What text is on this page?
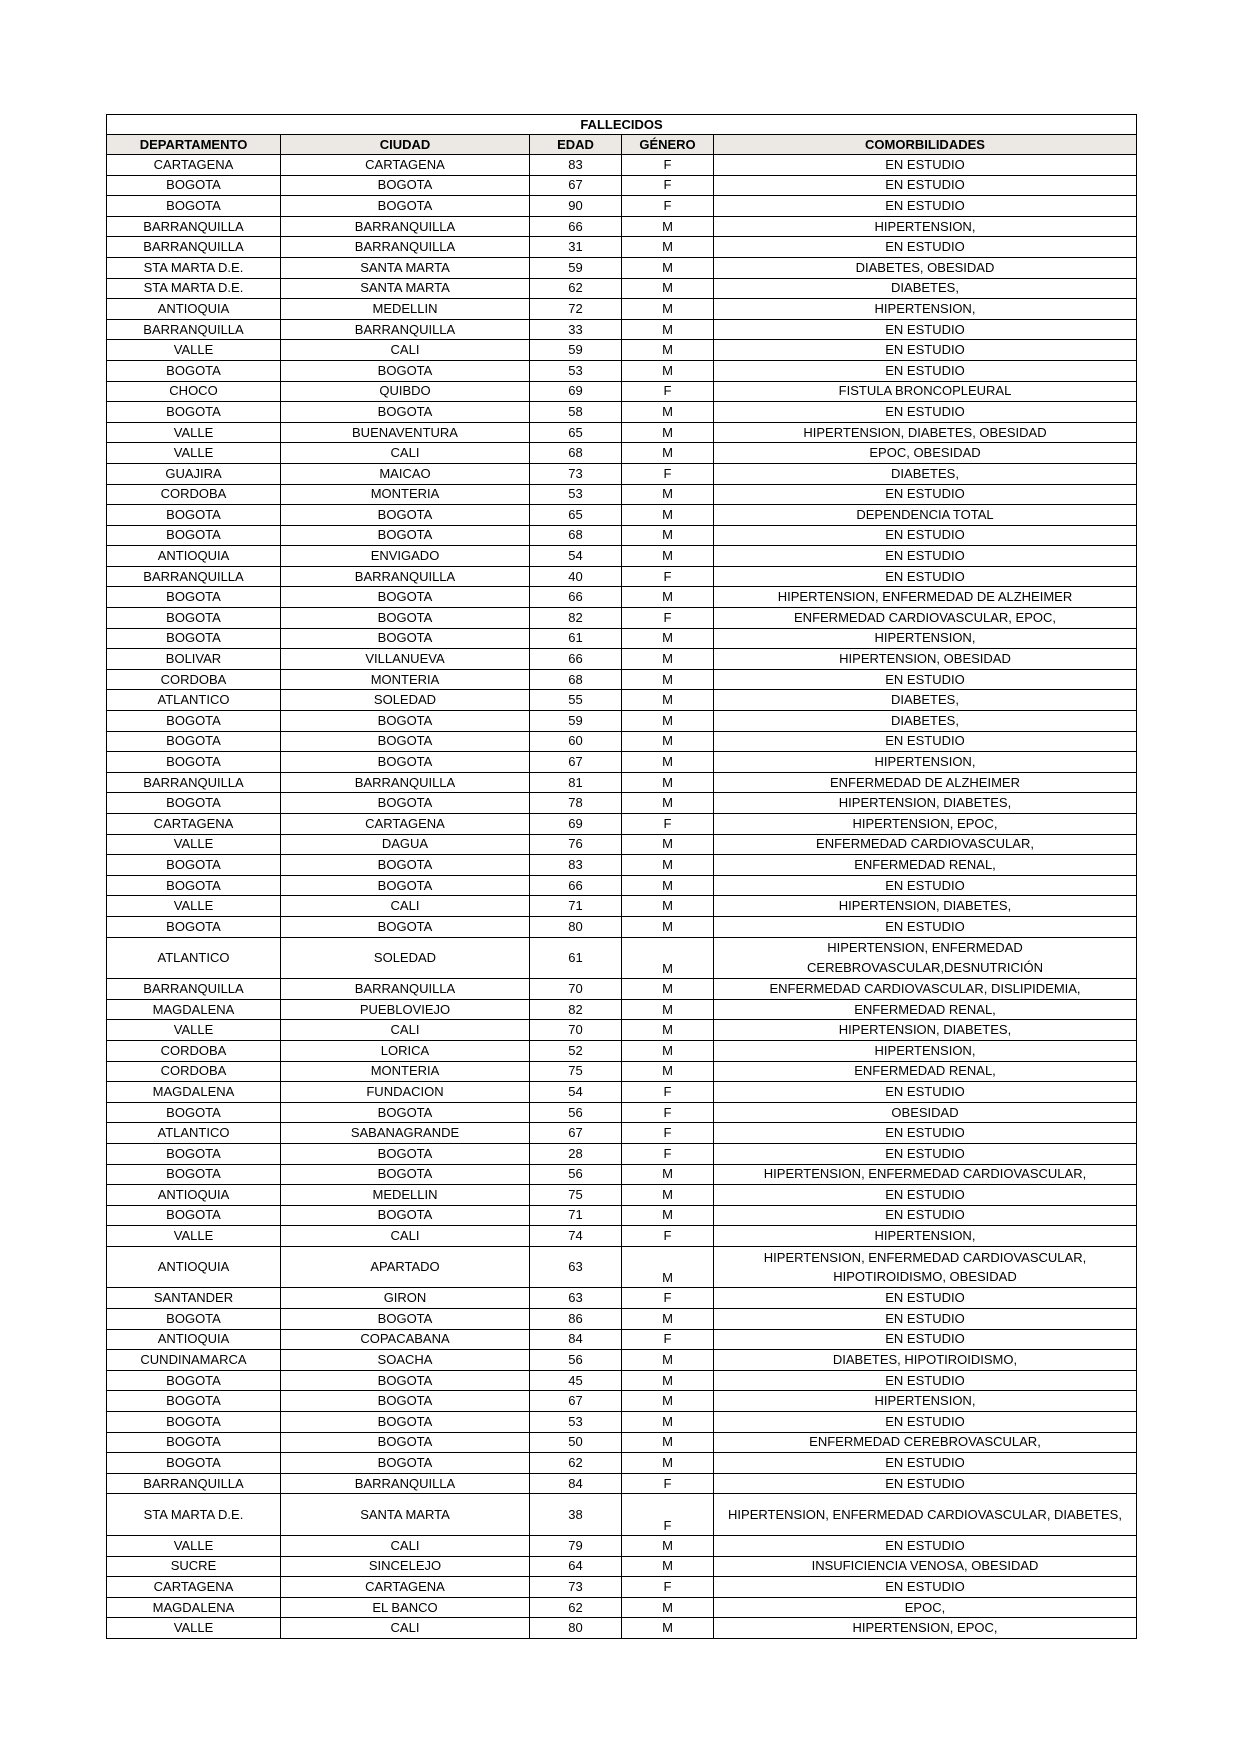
FALLECIDOS				
DEPARTAMENTO	CIUDAD	EDAD	GÉNERO	COMORBILIDADES
CARTAGENA	CARTAGENA	83	F	EN ESTUDIO
BOGOTA	BOGOTA	67	F	EN ESTUDIO
BOGOTA	BOGOTA	90	F	EN ESTUDIO
BARRANQUILLA	BARRANQUILLA	66	M	HIPERTENSION,
BARRANQUILLA	BARRANQUILLA	31	M	EN ESTUDIO
STA MARTA D.E.	SANTA MARTA	59	M	DIABETES, OBESIDAD
STA MARTA D.E.	SANTA MARTA	62	M	DIABETES,
ANTIOQUIA	MEDELLIN	72	M	HIPERTENSION,
BARRANQUILLA	BARRANQUILLA	33	M	EN ESTUDIO
VALLE	CALI	59	M	EN ESTUDIO
BOGOTA	BOGOTA	53	M	EN ESTUDIO
CHOCO	QUIBDO	69	F	FISTULA BRONCOPLEURAL
BOGOTA	BOGOTA	58	M	EN ESTUDIO
VALLE	BUENAVENTURA	65	M	HIPERTENSION, DIABETES, OBESIDAD
VALLE	CALI	68	M	EPOC, OBESIDAD
GUAJIRA	MAICAO	73	F	DIABETES,
CORDOBA	MONTERIA	53	M	EN ESTUDIO
BOGOTA	BOGOTA	65	M	DEPENDENCIA TOTAL
BOGOTA	BOGOTA	68	M	EN ESTUDIO
ANTIOQUIA	ENVIGADO	54	M	EN ESTUDIO
BARRANQUILLA	BARRANQUILLA	40	F	EN ESTUDIO
BOGOTA	BOGOTA	66	M	HIPERTENSION, ENFERMEDAD DE ALZHEIMER
BOGOTA	BOGOTA	82	F	ENFERMEDAD CARDIOVASCULAR, EPOC,
BOGOTA	BOGOTA	61	M	HIPERTENSION,
BOLIVAR	VILLANUEVA	66	M	HIPERTENSION, OBESIDAD
CORDOBA	MONTERIA	68	M	EN ESTUDIO
ATLANTICO	SOLEDAD	55	M	DIABETES,
BOGOTA	BOGOTA	59	M	DIABETES,
BOGOTA	BOGOTA	60	M	EN ESTUDIO
BOGOTA	BOGOTA	67	M	HIPERTENSION,
BARRANQUILLA	BARRANQUILLA	81	M	ENFERMEDAD DE ALZHEIMER
BOGOTA	BOGOTA	78	M	HIPERTENSION, DIABETES,
CARTAGENA	CARTAGENA	69	F	HIPERTENSION, EPOC,
VALLE	DAGUA	76	M	ENFERMEDAD CARDIOVASCULAR,
BOGOTA	BOGOTA	83	M	ENFERMEDAD RENAL,
BOGOTA	BOGOTA	66	M	EN ESTUDIO
VALLE	CALI	71	M	HIPERTENSION, DIABETES,
BOGOTA	BOGOTA	80	M	EN ESTUDIO
ATLANTICO	SOLEDAD	61	M	HIPERTENSION, ENFERMEDAD CEREBROVASCULAR,DESNUTRICIÓN
BARRANQUILLA	BARRANQUILLA	70	M	ENFERMEDAD CARDIOVASCULAR, DISLIPIDEMIA,
MAGDALENA	PUEBLOVIEJO	82	M	ENFERMEDAD RENAL,
VALLE	CALI	70	M	HIPERTENSION, DIABETES,
CORDOBA	LORICA	52	M	HIPERTENSION,
CORDOBA	MONTERIA	75	M	ENFERMEDAD RENAL,
MAGDALENA	FUNDACION	54	F	EN ESTUDIO
BOGOTA	BOGOTA	56	F	OBESIDAD
ATLANTICO	SABANAGRANDE	67	F	EN ESTUDIO
BOGOTA	BOGOTA	28	F	EN ESTUDIO
BOGOTA	BOGOTA	56	M	HIPERTENSION, ENFERMEDAD CARDIOVASCULAR,
ANTIOQUIA	MEDELLIN	75	M	EN ESTUDIO
BOGOTA	BOGOTA	71	M	EN ESTUDIO
VALLE	CALI	74	F	HIPERTENSION,
ANTIOQUIA	APARTADO	63	M	HIPERTENSION, ENFERMEDAD CARDIOVASCULAR, HIPOTIROIDISMO, OBESIDAD
SANTANDER	GIRON	63	F	EN ESTUDIO
BOGOTA	BOGOTA	86	M	EN ESTUDIO
ANTIOQUIA	COPACABANA	84	F	EN ESTUDIO
CUNDINAMARCA	SOACHA	56	M	DIABETES, HIPOTIROIDISMO,
BOGOTA	BOGOTA	45	M	EN ESTUDIO
BOGOTA	BOGOTA	67	M	HIPERTENSION,
BOGOTA	BOGOTA	53	M	EN ESTUDIO
BOGOTA	BOGOTA	50	M	ENFERMEDAD CEREBROVASCULAR,
BOGOTA	BOGOTA	62	M	EN ESTUDIO
BARRANQUILLA	BARRANQUILLA	84	F	EN ESTUDIO
STA MARTA D.E.	SANTA MARTA	38	F	HIPERTENSION, ENFERMEDAD CARDIOVASCULAR, DIABETES,
VALLE	CALI	79	M	EN ESTUDIO
SUCRE	SINCELEJO	64	M	INSUFICIENCIA VENOSA, OBESIDAD
CARTAGENA	CARTAGENA	73	F	EN ESTUDIO
MAGDALENA	EL BANCO	62	M	EPOC,
VALLE	CALI	80	M	HIPERTENSION, EPOC,
